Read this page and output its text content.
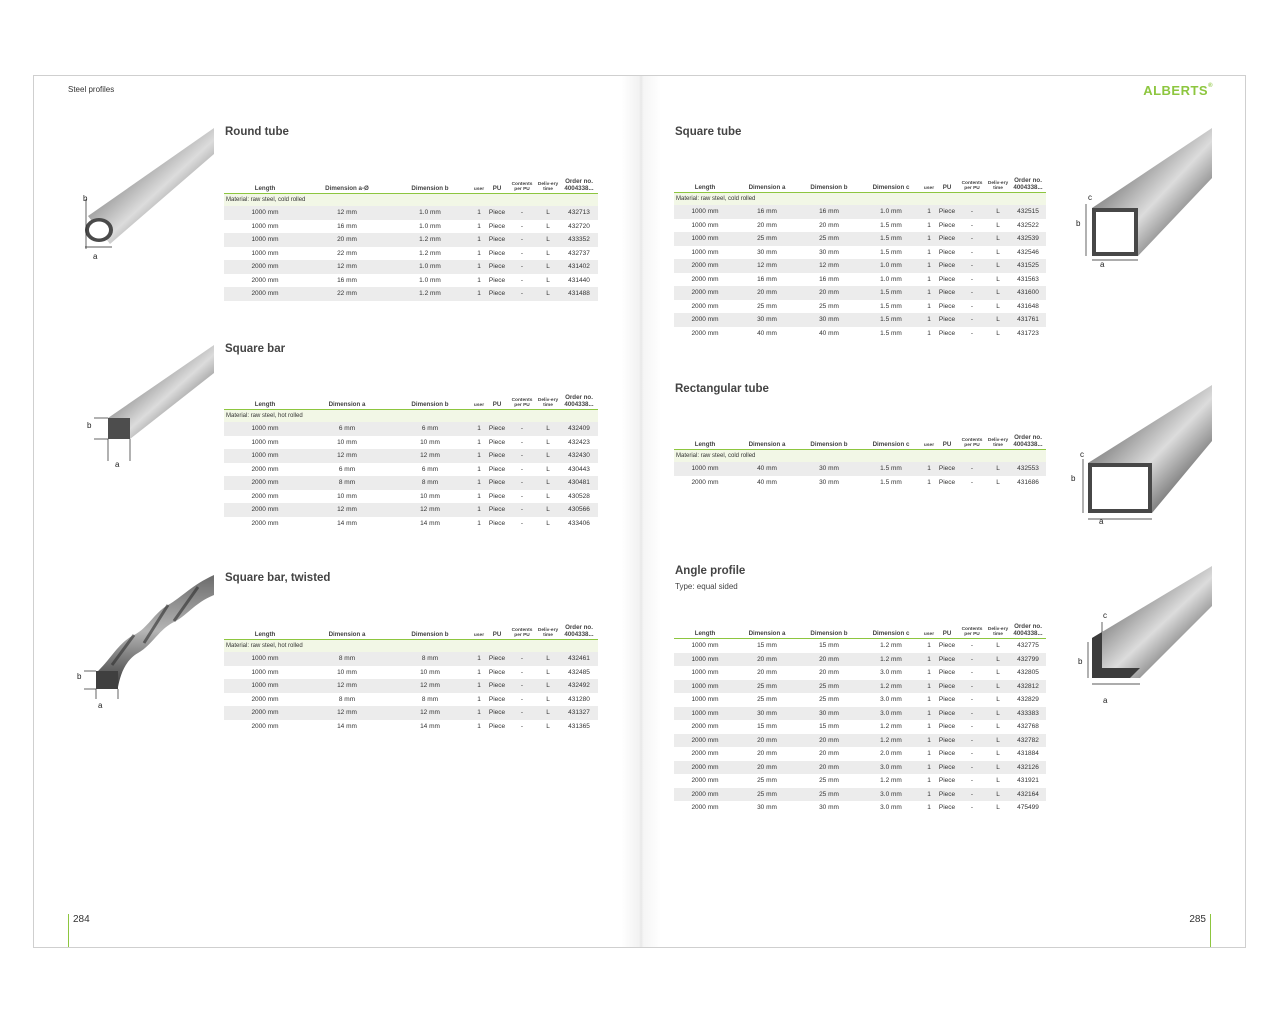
Steel profiles	ALBERTS®
284	285
b
a
b
a
b
a
c
b
a
c
b
a
c
b
a
Round tube
Length	Dimension a-Ø	Dimension b	user	PU	Contents per PU	Deliv-ery time	Order no. 4004338...
Material: raw steel, cold rolled							
1000 mm	12 mm	1.0 mm	1	Piece	-	L	432713
1000 mm	16 mm	1.0 mm	1	Piece	-	L	432720
1000 mm	20 mm	1.2 mm	1	Piece	-	L	433352
1000 mm	22 mm	1.2 mm	1	Piece	-	L	432737
2000 mm	12 mm	1.0 mm	1	Piece	-	L	431402
2000 mm	16 mm	1.0 mm	1	Piece	-	L	431440
2000 mm	22 mm	1.2 mm	1	Piece	-	L	431488
Square bar
Length	Dimension a	Dimension b	user	PU	Contents per PU	Deliv-ery time	Order no. 4004338...
Material: raw steel, hot rolled							
1000 mm	6 mm	6 mm	1	Piece	-	L	432409
1000 mm	10 mm	10 mm	1	Piece	-	L	432423
1000 mm	12 mm	12 mm	1	Piece	-	L	432430
2000 mm	6 mm	6 mm	1	Piece	-	L	430443
2000 mm	8 mm	8 mm	1	Piece	-	L	430481
2000 mm	10 mm	10 mm	1	Piece	-	L	430528
2000 mm	12 mm	12 mm	1	Piece	-	L	430566
2000 mm	14 mm	14 mm	1	Piece	-	L	433406
Square bar, twisted
Length	Dimension a	Dimension b	user	PU	Contents per PU	Deliv-ery time	Order no. 4004338...
Material: raw steel, hot rolled							
1000 mm	8 mm	8 mm	1	Piece	-	L	432461
1000 mm	10 mm	10 mm	1	Piece	-	L	432485
1000 mm	12 mm	12 mm	1	Piece	-	L	432492
2000 mm	8 mm	8 mm	1	Piece	-	L	431280
2000 mm	12 mm	12 mm	1	Piece	-	L	431327
2000 mm	14 mm	14 mm	1	Piece	-	L	431365
Square tube
Length	Dimension a	Dimension b	Dimension c	user	PU	Contents per PU	Deliv-ery time	Order no. 4004338...
Material: raw steel, cold rolled								
1000 mm	16 mm	16 mm	1.0 mm	1	Piece	-	L	432515
1000 mm	20 mm	20 mm	1.5 mm	1	Piece	-	L	432522
1000 mm	25 mm	25 mm	1.5 mm	1	Piece	-	L	432539
1000 mm	30 mm	30 mm	1.5 mm	1	Piece	-	L	432546
2000 mm	12 mm	12 mm	1.0 mm	1	Piece	-	L	431525
2000 mm	16 mm	16 mm	1.0 mm	1	Piece	-	L	431563
2000 mm	20 mm	20 mm	1.5 mm	1	Piece	-	L	431600
2000 mm	25 mm	25 mm	1.5 mm	1	Piece	-	L	431648
2000 mm	30 mm	30 mm	1.5 mm	1	Piece	-	L	431761
2000 mm	40 mm	40 mm	1.5 mm	1	Piece	-	L	431723
Rectangular tube
Length	Dimension a	Dimension b	Dimension c	user	PU	Contents per PU	Deliv-ery time	Order no. 4004338...
Material: raw steel, cold rolled								
1000 mm	40 mm	30 mm	1.5 mm	1	Piece	-	L	432553
2000 mm	40 mm	30 mm	1.5 mm	1	Piece	-	L	431686
Angle profile
Type: equal sided
Length	Dimension a	Dimension b	Dimension c	user	PU	Contents per PU	Deliv-ery time	Order no. 4004338...
1000 mm	15 mm	15 mm	1.2 mm	1	Piece	-	L	432775
1000 mm	20 mm	20 mm	1.2 mm	1	Piece	-	L	432799
1000 mm	20 mm	20 mm	3.0 mm	1	Piece	-	L	432805
1000 mm	25 mm	25 mm	1.2 mm	1	Piece	-	L	432812
1000 mm	25 mm	25 mm	3.0 mm	1	Piece	-	L	432829
1000 mm	30 mm	30 mm	3.0 mm	1	Piece	-	L	433383
2000 mm	15 mm	15 mm	1.2 mm	1	Piece	-	L	432768
2000 mm	20 mm	20 mm	1.2 mm	1	Piece	-	L	432782
2000 mm	20 mm	20 mm	2.0 mm	1	Piece	-	L	431884
2000 mm	20 mm	20 mm	3.0 mm	1	Piece	-	L	432126
2000 mm	25 mm	25 mm	1.2 mm	1	Piece	-	L	431921
2000 mm	25 mm	25 mm	3.0 mm	1	Piece	-	L	432164
2000 mm	30 mm	30 mm	3.0 mm	1	Piece	-	L	475499
